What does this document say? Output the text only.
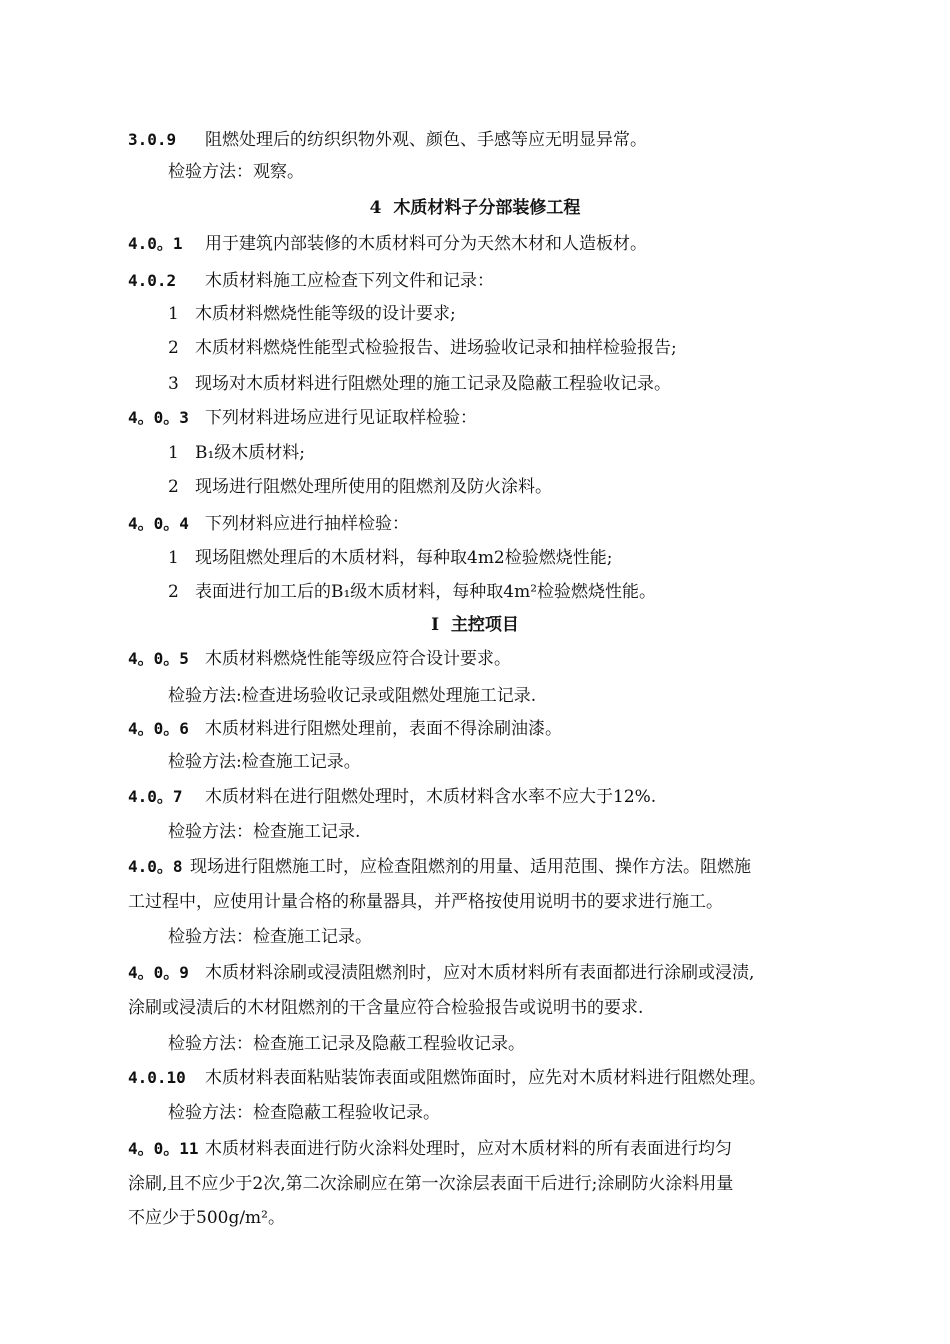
3.0.9 阻燃处理后的纺织织物外观、颜色、手感等应无明显异常。
检验方法：观察。
4  木质材料子分部装修工程
4.0。1 用于建筑内部装修的木质材料可分为天然木材和人造板材。
4.0.2 木质材料施工应检查下列文件和记录：
1 木质材料燃烧性能等级的设计要求;
2 木质材料燃烧性能型式检验报告、进场验收记录和抽样检验报告;
3 现场对木质材料进行阻燃处理的施工记录及隐蔽工程验收记录。
4。0。3 下列材料进场应进行见证取样检验：
1 B₁级木质材料;
2 现场进行阻燃处理所使用的阻燃剂及防火涂料。
4。0。4 下列材料应进行抽样检验：
1 现场阻燃处理后的木质材料，每种取4m2检验燃烧性能;
2 表面进行加工后的B₁级木质材料，每种取4m²检验燃烧性能。
I  主控项目
4。0。5 木质材料燃烧性能等级应符合设计要求。
检验方法:检查进场验收记录或阻燃处理施工记录.
4。0。6 木质材料进行阻燃处理前，表面不得涂刷油漆。
检验方法:检查施工记录。
4.0。7 木质材料在进行阻燃处理时，木质材料含水率不应大于12%.
检验方法：检查施工记录.
4.0。8 现场进行阻燃施工时，应检查阻燃剂的用量、适用范围、操作方法。阻燃施
工过程中，应使用计量合格的称量器具，并严格按使用说明书的要求进行施工。
检验方法：检查施工记录。
4。0。9 木质材料涂刷或浸渍阻燃剂时，应对木质材料所有表面都进行涂刷或浸渍,
涂刷或浸渍后的木材阻燃剂的干含量应符合检验报告或说明书的要求.
检验方法：检查施工记录及隐蔽工程验收记录。
4.0.10 木质材料表面粘贴装饰表面或阻燃饰面时，应先对木质材料进行阻燃处理。
检验方法：检查隐蔽工程验收记录。
4。0。11 木质材料表面进行防火涂料处理时，应对木质材料的所有表面进行均匀
涂刷,且不应少于2次,第二次涂刷应在第一次涂层表面干后进行;涂刷防火涂料用量
不应少于500g/m²。
